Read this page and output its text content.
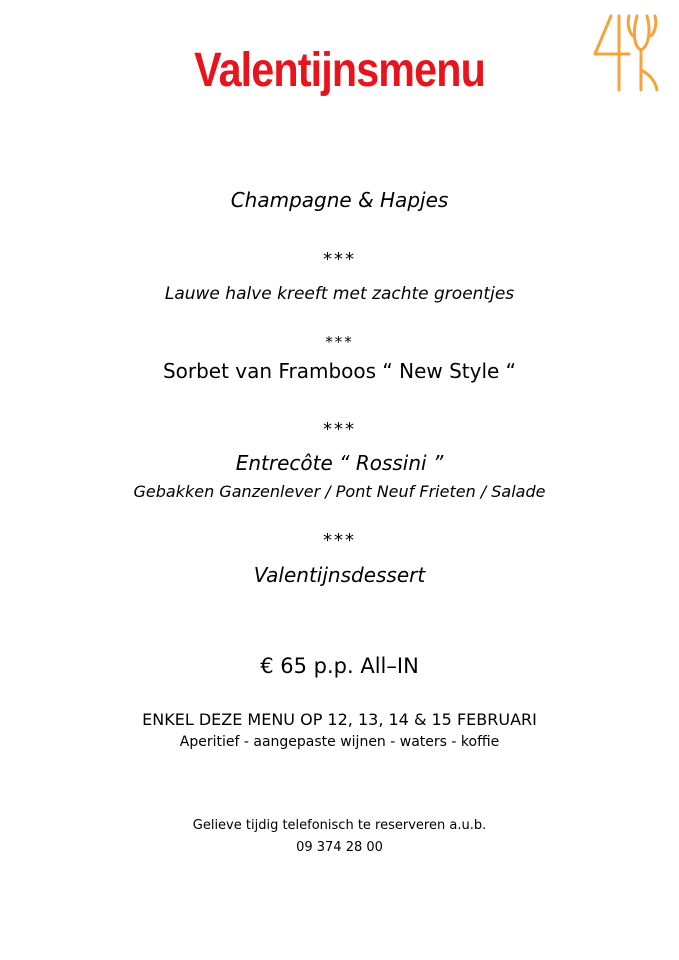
Valentijnsmenu
Champagne & Hapjes
***
Lauwe halve kreeft met zachte groentjes
***
Sorbet van Framboos “ New Style “
***
Entrecôte “ Rossini ”
Gebakken Ganzenlever / Pont Neuf Frieten / Salade
***
Valentijnsdessert
€ 65 p.p. All–IN
ENKEL DEZE MENU OP 12, 13, 14 & 15 FEBRUARI
Aperitief - aangepaste wijnen - waters - koffie
Gelieve tijdig telefonisch te reserveren a.u.b.
09 374 28 00
